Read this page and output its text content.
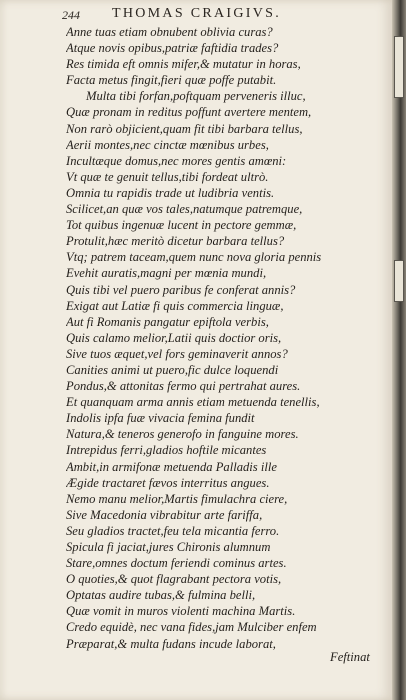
244 THOMAS CRAIGIVS.
Anne tuas etiam obnubent oblivia curas?
Atque novis opibus,patriæ faftidia trades?
Res timida eft omnis mifer,& mutatur in horas,
Facta metus fingit,fieri quæ poffe putabit.
Multa tibi forfan,poftquam perveneris illuc,
Quæ pronam in reditus poffunt avertere mentem,
Non rarò objicient,quam fit tibi barbara tellus,
Aerii montes,nec cinctæ mœnibus urbes,
Incultæque domus,nec mores gentis amœni:
Vt quæ te genuit tellus,tibi fordeat ultrò.
Omnia tu rapidis trade ut ludibria ventis.
Scilicet,an quæ vos tales,natumque patremque,
Tot quibus ingenuæ lucent in pectore gemmæ,
Protulit,hæc meritò dicetur barbara tellus?
Vtq; patrem taceam,quem nunc nova gloria pennis
Evehit auratis,magni per mœnia mundi,
Quis tibi vel puero paribus fe conferat annis?
Exigat aut Latiæ fi quis commercia linguæ,
Aut fi Romanis pangatur epiftola verbis,
Quis calamo melior,Latii quis doctior oris,
Sive tuos æquet,vel fors geminaverit annos?
Canities animi ut puero,fic dulce loquendi
Pondus,& attonitas fermo qui pertrahat aures.
Et quanquam arma annis etiam metuenda tenellis,
Indolis ipfa fuæ vivacia femina fundit
Natura,& teneros generofo in fanguine mores.
Intrepidus ferri,gladios hoftile micantes
Ambit,in armifonæ metuenda Palladis ille
Ægide tractaret fævos interritus angues.
Nemo manu melior,Martis fimulachra ciere,
Sive Macedonia vibrabitur arte fariffa,
Seu gladios tractet,feu tela micantia ferro.
Spicula fi jaciat,jures Chironis alumnum
Stare,omnes doctum feriendi cominus artes.
O quoties,& quot flagrabant pectora votis,
Optatas audire tubas,& fulmina belli,
Quæ vomit in muros violenti machina Martis.
Credo equidè, nec vana fides,jam Mulciber enfem
Præparat,& multa fudans incude laborat,
Feftinat
